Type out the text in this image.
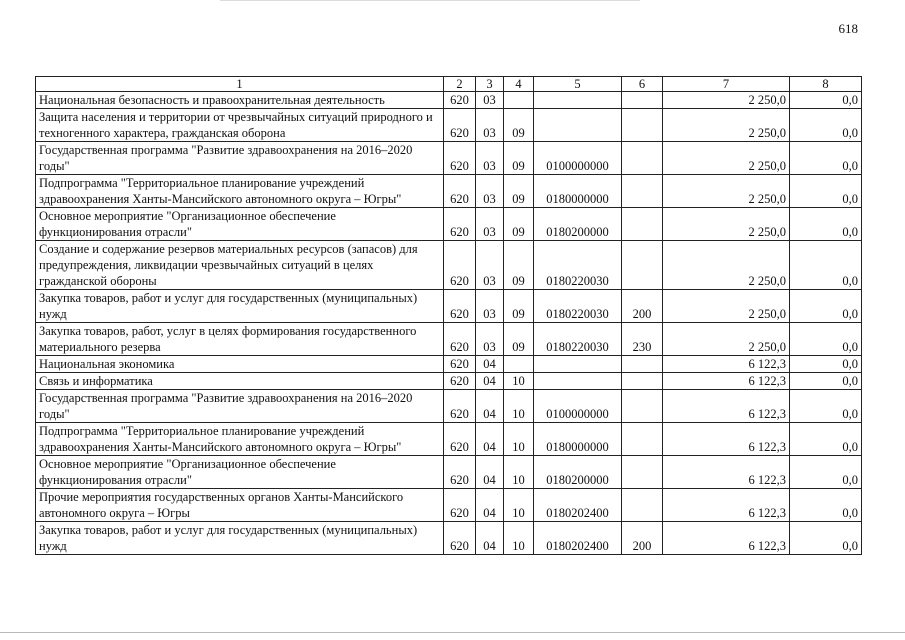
618
1	2	3	4	5	6	7	8
Национальная безопасность и правоохранительная деятельность	620	03				2 250,0	0,0
Защита населения и территории от чрезвычайных ситуаций природного и техногенного характера, гражданская оборона	620	03	09			2 250,0	0,0
Государственная программа "Развитие здравоохранения на 2016–2020 годы"	620	03	09	0100000000		2 250,0	0,0
Подпрограмма "Территориальное планирование учреждений здравоохранения Ханты-Мансийского автономного округа – Югры"	620	03	09	0180000000		2 250,0	0,0
Основное мероприятие "Организационное обеспечение функционирования отрасли"	620	03	09	0180200000		2 250,0	0,0
Создание и содержание резервов материальных ресурсов (запасов) для предупреждения, ликвидации чрезвычайных ситуаций в целях гражданской обороны	620	03	09	0180220030		2 250,0	0,0
Закупка товаров, работ и услуг для государственных (муниципальных) нужд	620	03	09	0180220030	200	2 250,0	0,0
Закупка товаров, работ, услуг в целях формирования государственного материального резерва	620	03	09	0180220030	230	2 250,0	0,0
Национальная экономика	620	04				6 122,3	0,0
Связь и информатика	620	04	10			6 122,3	0,0
Государственная программа "Развитие здравоохранения на 2016–2020 годы"	620	04	10	0100000000		6 122,3	0,0
Подпрограмма "Территориальное планирование учреждений здравоохранения Ханты-Мансийского автономного округа – Югры"	620	04	10	0180000000		6 122,3	0,0
Основное мероприятие "Организационное обеспечение функционирования отрасли"	620	04	10	0180200000		6 122,3	0,0
Прочие мероприятия государственных органов Ханты-Мансийского автономного округа – Югры	620	04	10	0180202400		6 122,3	0,0
Закупка товаров, работ и услуг для государственных (муниципальных) нужд	620	04	10	0180202400	200	6 122,3	0,0
